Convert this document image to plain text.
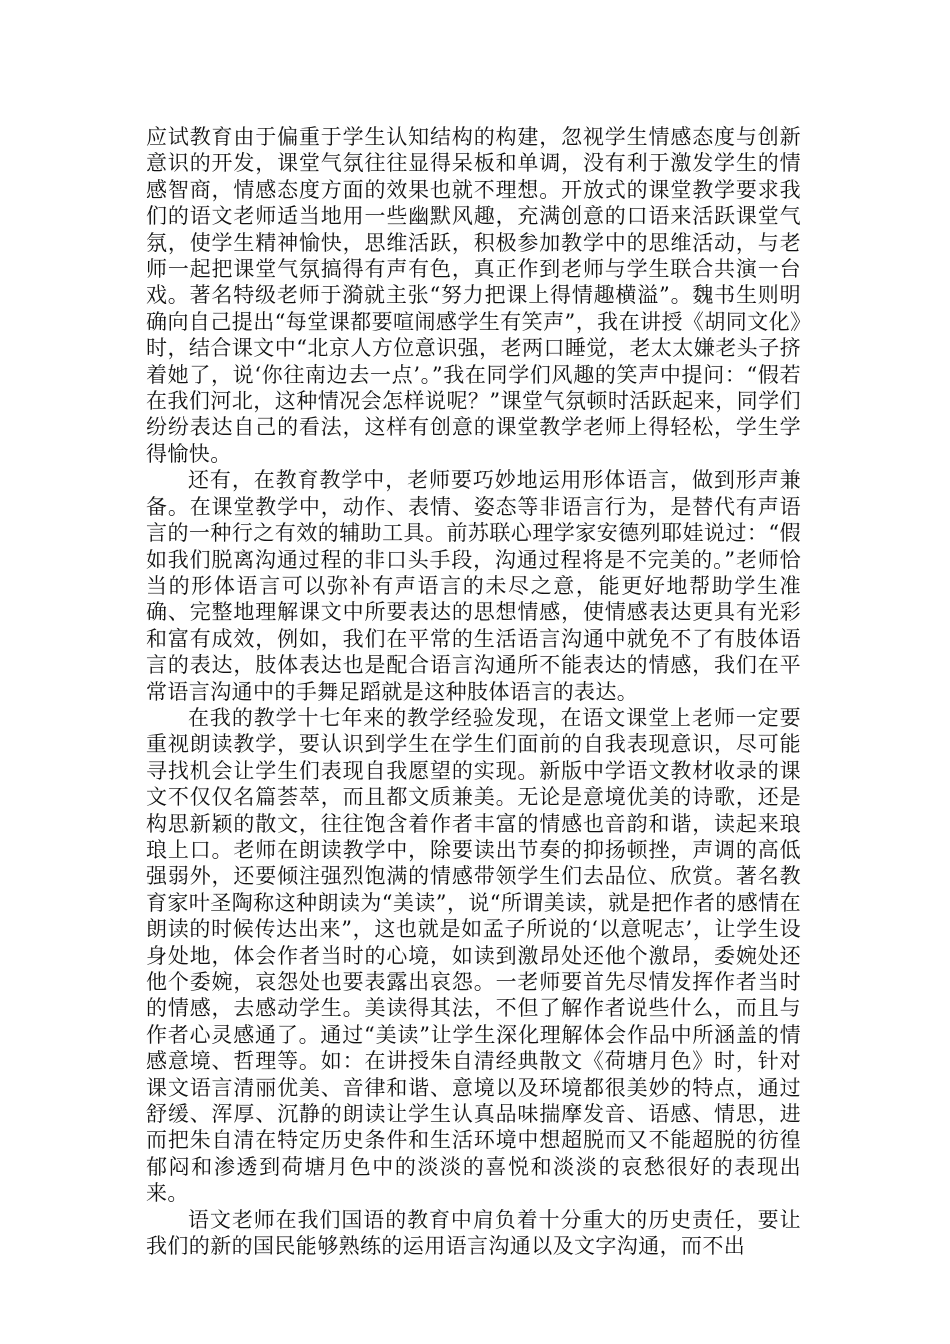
应试教育由于偏重于学生认知结构的构建，忽视学生情感态度与创新意识的开发，课堂气氛往往显得呆板和单调，没有利于激发学生的情感智商，情感态度方面的效果也就不理想。开放式的课堂教学要求我们的语文老师适当地用一些幽默风趣，充满创意的口语来活跃课堂气氛，使学生精神愉快，思维活跃，积极参加教学中的思维活动，与老师一起把课堂气氛搞得有声有色，真正作到老师与学生联合共演一台戏。著名特级老师于漪就主张“努力把课上得情趣横溢”。魏书生则明确向自己提出“每堂课都要喧闹感学生有笑声”，我在讲授《胡同文化》时，结合课文中“北京人方位意识强，老两口睡觉，老太太嫌老头子挤着她了，说‘你往南边去一点’。”我在同学们风趣的笑声中提问：“假若在我们河北，这种情况会怎样说呢？”课堂气氛顿时活跃起来，同学们纷纷表达自己的看法，这样有创意的课堂教学老师上得轻松，学生学得愉快。

还有，在教育教学中，老师要巧妙地运用形体语言，做到形声兼备。在课堂教学中，动作、表情、姿态等非语言行为，是替代有声语言的一种行之有效的辅助工具。前苏联心理学家安德列耶娃说过：“假如我们脱离沟通过程的非口头手段，沟通过程将是不完美的。”老师恰当的形体语言可以弥补有声语言的未尽之意，能更好地帮助学生准确、完整地理解课文中所要表达的思想情感，使情感表达更具有光彩和富有成效，例如，我们在平常的生活语言沟通中就免不了有肢体语言的表达，肢体表达也是配合语言沟通所不能表达的情感，我们在平常语言沟通中的手舞足蹈就是这种肢体语言的表达。

在我的教学十七年来的教学经验发现，在语文课堂上老师一定要重视朗读教学，要认识到学生在学生们面前的自我表现意识，尽可能寻找机会让学生们表现自我愿望的实现。新版中学语文教材收录的课文不仅仅名篇荟萃，而且都文质兼美。无论是意境优美的诗歌，还是构思新颖的散文，往往饱含着作者丰富的情感也音韵和谐，读起来琅琅上口。老师在朗读教学中，除要读出节奏的抑扬顿挫，声调的高低强弱外，还要倾注强烈饱满的情感带领学生们去品位、欣赏。著名教育家叶圣陶称这种朗读为“美读”，说“所谓美读，就是把作者的感情在朗读的时候传达出来”，这也就是如孟子所说的‘以意呢志’，让学生设身处地，体会作者当时的心境，如读到激昂处还他个激昂，委婉处还他个委婉，哀怨处也要表露出哀怨。一老师要首先尽情发挥作者当时的情感，去感动学生。美读得其法，不但了解作者说些什么，而且与作者心灵感通了。通过“美读”让学生深化理解体会作品中所涵盖的情感意境、哲理等。如：在讲授朱自清经典散文《荷塘月色》时，针对课文语言清丽优美、音律和谐、意境以及环境都很美妙的特点，通过舒缓、浑厚、沉静的朗读让学生认真品味揣摩发音、语感、情思，进而把朱自清在特定历史条件和生活环境中想超脱而又不能超脱的彷徨郁闷和渗透到荷塘月色中的淡淡的喜悦和淡淡的哀愁很好的表现出来。

语文老师在我们国语的教育中肩负着十分重大的历史责任，要让我们的新的国民能够熟练的运用语言沟通以及文字沟通，而不出
